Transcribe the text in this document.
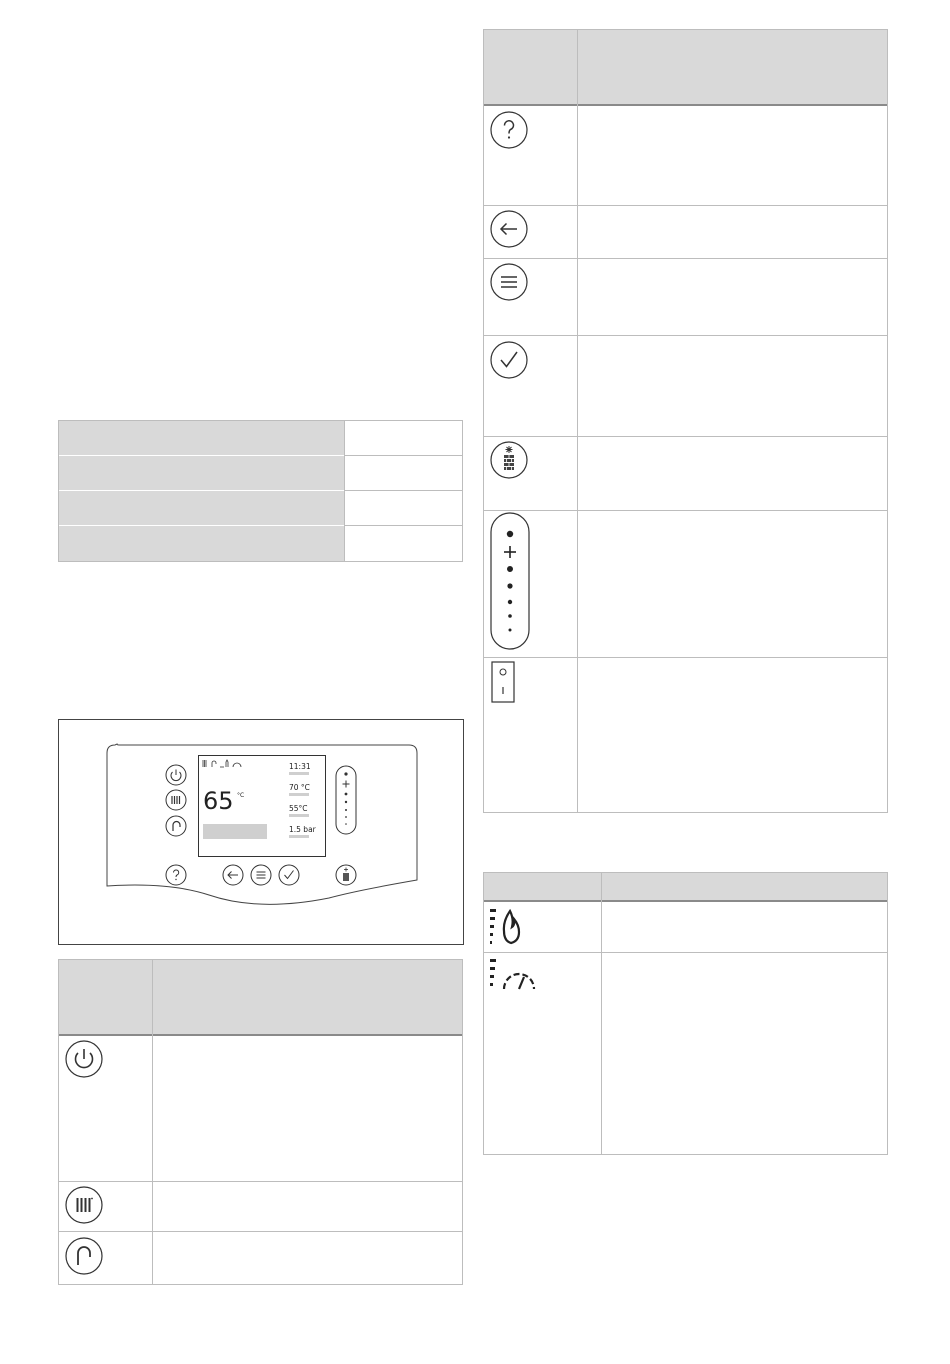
65 °C
11:31
70 °C
55°C
1.5 bar
